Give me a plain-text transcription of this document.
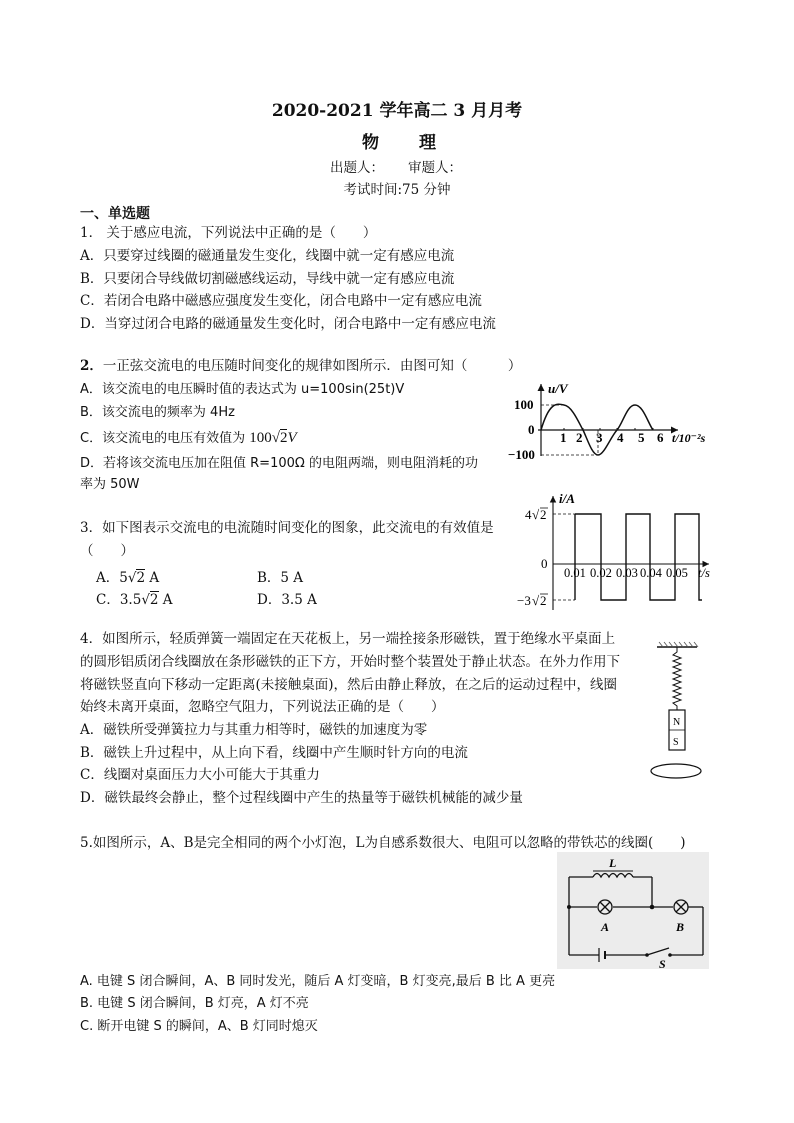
2020-2021 学年高二 3 月月考
物 理
出题人： 审题人：
考试时间:75 分钟
一、单选题
1． 关于感应电流，下列说法中正确的是（　　）
A．只要穿过线圈的磁通量发生变化，线圈中就一定有感应电流
B．只要闭合导线做切割磁感线运动，导线中就一定有感应电流
C．若闭合电路中磁感应强度发生变化，闭合电路中一定有感应电流
D．当穿过闭合电路的磁通量发生变化时，闭合电路中一定有感应电流
2．一正弦交流电的电压随时间变化的规律如图所示．由图可知（　　　）
A．该交流电的电压瞬时值的表达式为 u=100sin(25t)V
B．该交流电的频率为 4Hz
C．该交流电的电压有效值为 100√2V
D．若将该交流电压加在阻值 R=100Ω 的电阻两端，则电阻消耗的功
率为 50W
u/V
100
0
−100
1 2 3 4 5 6 t/10⁻²s
3．如下图表示交流电的电流随时间变化的图象，此交流电的有效值是
（　　）
A．5√2 A	B．5 A
C．3.5√2 A	D．3.5 A
i/A
4 √ 2
0
−3 √ 2
0.01 0.02 0.03 0.04 0.05 t/s
4．如图所示，轻质弹簧一端固定在天花板上，另一端拴接条形磁铁，置于绝缘水平桌面上
的圆形铝质闭合线圈放在条形磁铁的正下方，开始时整个装置处于静止状态。在外力作用下
将磁铁竖直向下移动一定距离(未接触桌面)，然后由静止释放，在之后的运动过程中，线圈
始终未离开桌面，忽略空气阻力，下列说法正确的是（　　）
A．磁铁所受弹簧拉力与其重力相等时，磁铁的加速度为零
B．磁铁上升过程中，从上向下看，线圈中产生顺时针方向的电流
C．线圈对桌面压力大小可能大于其重力
D．磁铁最终会静止，整个过程线圈中产生的热量等于磁铁机械能的减少量
N
S
5.如图所示，A、B是完全相同的两个小灯泡，L为自感系数很大、电阻可以忽略的带铁芯的线圈(　　)
L
A	B
S
A. 电键 S 闭合瞬间，A、B 同时发光，随后 A 灯变暗，B 灯变亮,最后 B 比 A 更亮
B. 电键 S 闭合瞬间，B 灯亮，A 灯不亮
C. 断开电键 S 的瞬间，A、B 灯同时熄灭
